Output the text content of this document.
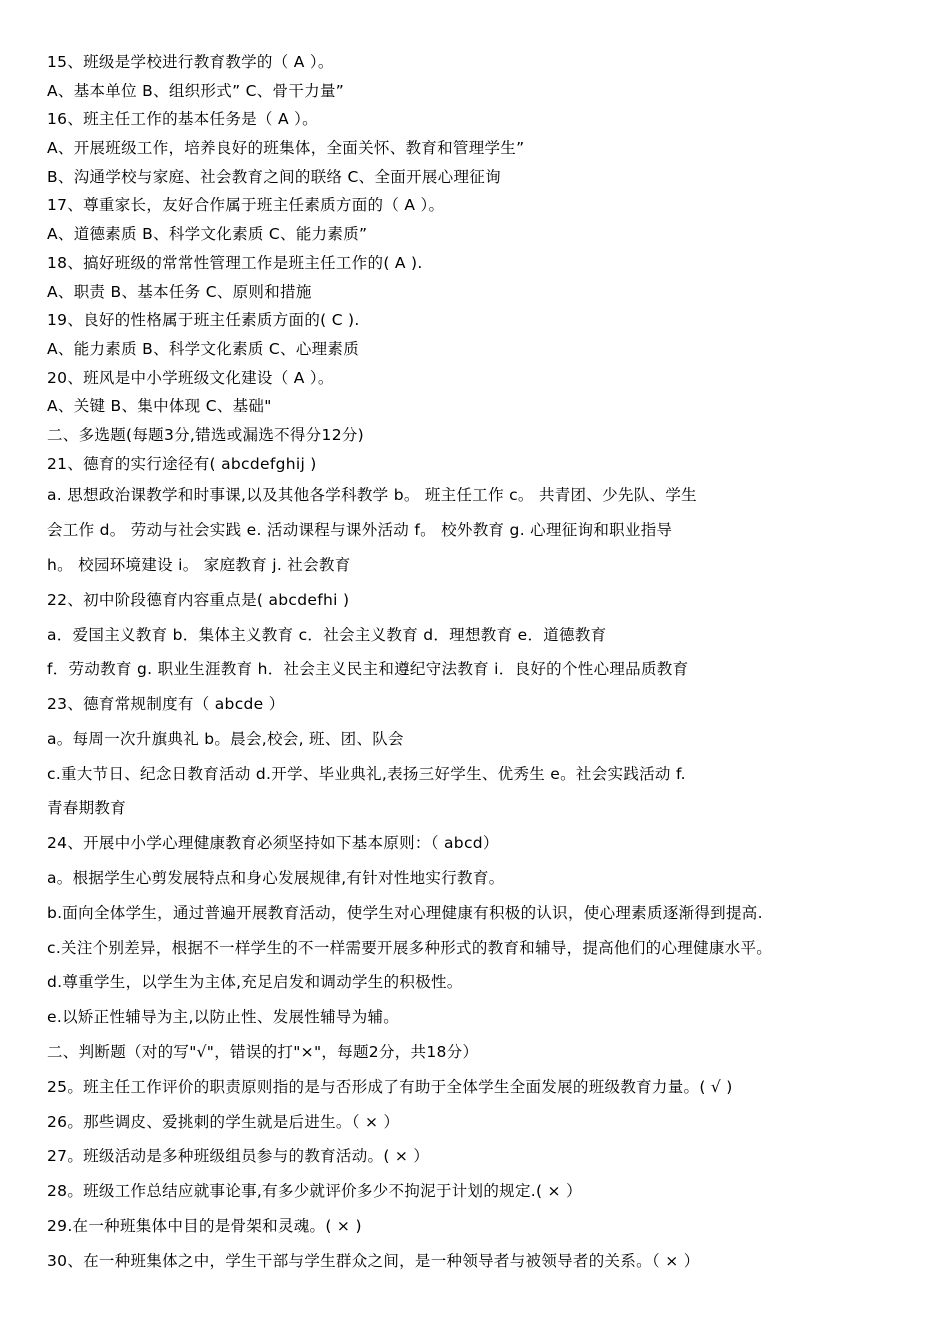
15、班级是学校进行教育教学的（ A ）。
A、基本单位 B、组织形式” C、骨干力量”
16、班主任工作的基本任务是（ A ）。
A、开展班级工作，培养良好的班集体，全面关怀、教育和管理学生”
B、沟通学校与家庭、社会教育之间的联络 C、全面开展心理征询
17、尊重家长，友好合作属于班主任素质方面的（ A ）。
A、道德素质 B、科学文化素质 C、能力素质”
18、搞好班级的常常性管理工作是班主任工作的( A ).
A、职责 B、基本任务 C、原则和措施
19、良好的性格属于班主任素质方面的( C ).
A、能力素质 B、科学文化素质 C、心理素质
20、班风是中小学班级文化建设（ A ）。
A、关键 B、集中体现 C、基础"
二、多选题(每题3分,错选或漏选不得分12分)
21、德育的实行途径有( abcdefghij )
a. 思想政治课教学和时事课,以及其他各学科教学 b。 班主任工作 c。 共青团、少先队、学生
会工作 d。 劳动与社会实践 e. 活动课程与课外活动 f。 校外教育 g. 心理征询和职业指导
h。 校园环境建设 i。 家庭教育 j. 社会教育
22、初中阶段德育内容重点是( abcdefhi )
a．爱国主义教育 b．集体主义教育 c．社会主义教育 d．理想教育 e．道德教育
f．劳动教育 g. 职业生涯教育 h．社会主义民主和遵纪守法教育 i．良好的个性心理品质教育
23、德育常规制度有（ abcde ）
a。每周一次升旗典礼 b。晨会,校会, 班、团、队会
c.重大节日、纪念日教育活动 d.开学、毕业典礼,表扬三好学生、优秀生 e。社会实践活动 f.
青春期教育
24、开展中小学心理健康教育必须坚持如下基本原则：（ abcd）
a。根据学生心剪发展特点和身心发展规律,有针对性地实行教育。
b.面向全体学生，通过普遍开展教育活动，使学生对心理健康有积极的认识，使心理素质逐渐得到提高.
c.关注个别差异，根据不一样学生的不一样需要开展多种形式的教育和辅导，提高他们的心理健康水平。
d.尊重学生，以学生为主体,充足启发和调动学生的积极性。
e.以矫正性辅导为主,以防止性、发展性辅导为辅。
二、判断题（对的写"√"，错误的打"×"，每题2分，共18分）
25。班主任工作评价的职责原则指的是与否形成了有助于全体学生全面发展的班级教育力量。( √ )
26。那些调皮、爱挑刺的学生就是后进生。（ × ）
27。班级活动是多种班级组员参与的教育活动。( × ）
28。班级工作总结应就事论事,有多少就评价多少不拘泥于计划的规定.( × ）
29.在一种班集体中目的是骨架和灵魂。( × )
30、在一种班集体之中，学生干部与学生群众之间，是一种领导者与被领导者的关系。（ × ）
